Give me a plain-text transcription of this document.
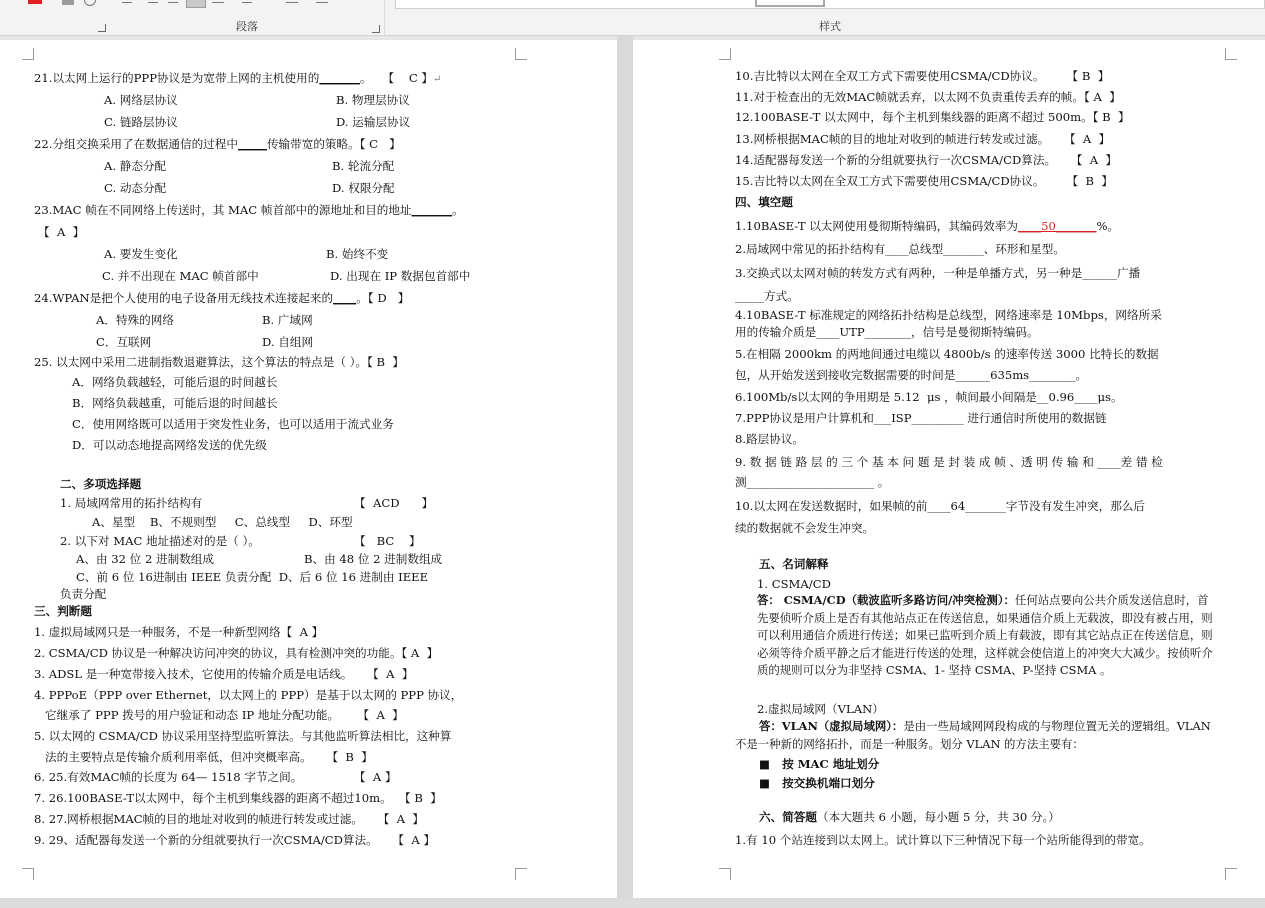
段落	样式
21.以太网上运行的PPP协议是为宽带上网的主机使用的_______。   【    C 】↵
A. 网络层协议	B. 物理层协议
C. 链路层协议	D. 运输层协议
22.分组交换采用了在数据通信的过程中_____传输带宽的策略。【 C   】
A. 静态分配	B. 轮流分配
C. 动态分配	D. 权限分配
23.MAC 帧在不同网络上传送时，其 MAC 帧首部中的源地址和目的地址_______。
【  A  】
A. 要发生变化	B. 始终不变
C. 并不出现在 MAC 帧首部中	D. 出现在 IP 数据包首部中
24.WPAN是把个人使用的电子设备用无线技术连接起来的____。【 D   】
A．特殊的网络	B. 广域网
C．互联网	D. 自组网
25. 以太网中采用二进制指数退避算法，这个算法的特点是（ ）。【 B  】
A．网络负载越轻，可能后退的时间越长
B．网络负载越重，可能后退的时间越长
C．使用网络既可以适用于突发性业务，也可以适用于流式业务
D．可以动态地提高网络发送的优先级
二、多项选择题
1. 局域网常用的拓扑结构有	【  ACD      】
A、星型    B、不规则型     C、总线型     D、环型
2. 以下对 MAC 地址描述对的是（ ）。	【   BC    】
A、由 32 位 2 进制数组成	B、由 48 位 2 进制数组成
C、前 6 位 16进制由 IEEE 负责分配  D、后 6 位 16 进制由 IEEE
负责分配
三、判断题
1. 虚拟局域网只是一种服务，不是一种新型网络【  A 】
2. CSMA/CD 协议是一种解决访问冲突的协议，具有检测冲突的功能。【 A  】
3. ADSL 是一种宽带接入技术，它使用的传输介质是电话线。    【  A  】
4. PPPoE（PPP over Ethernet，以太网上的 PPP）是基于以太网的 PPP 协议，
它继承了 PPP 拨号的用户验证和动态 IP 地址分配功能。     【  A  】
5. 以太网的 CSMA/CD 协议采用坚持型监听算法。与其他监听算法相比，这种算
法的主要特点是传输介质利用率低，但冲突概率高。    【  B  】
6. 25.有效MAC帧的长度为 64— 1518 字节之间。              【  A 】
7. 26.100BASE-T以太网中，每个主机到集线器的距离不超过10m。  【 B  】
8. 27.网桥根据MAC帧的目的地址对收到的帧进行转发或过滤。    【  A  】
9. 29、适配器每发送一个新的分组就要执行一次CSMA/CD算法。    【  A 】
10.吉比特以太网在全双工方式下需要使用CSMA/CD协议。      【 B  】
11.对于检查出的无效MAC帧就丢弃，以太网不负责重传丢弃的帧。【 A  】
12.100BASE-T 以太网中，每个主机到集线器的距离不超过 500m。【 B  】
13.网桥根据MAC帧的目的地址对收到的帧进行转发或过滤。    【  A  】
14.适配器每发送一个新的分组就要执行一次CSMA/CD算法。    【  A  】
15.吉比特以太网在全双工方式下需要使用CSMA/CD协议。      【  B  】
四、填空题
1.10BASE-T 以太网使用曼彻斯特编码，其编码效率为____50_______%。
2.局域网中常见的拓扑结构有____总线型_______、环形和星型。
3.交换式以太网对帧的转发方式有两种，一种是单播方式，另一种是______广播
_____方式。
4.10BASE-T 标准规定的网络拓扑结构是总线型，网络速率是 10Mbps，网络所采
用的传输介质是____UTP________，信号是曼彻斯特编码。
5.在相隔 2000km 的两地间通过电缆以 4800b/s 的速率传送 3000 比特长的数据
包，从开始发送到接收完数据需要的时间是______635ms________。
6.100Mb/s以太网的争用期是 5.12  μs ，帧间最小间隔是__0.96____μs。
7.PPP协议是用户计算机和___ISP_________ 进行通信时所使用的数据链
8.路层协议。
9. 数 据 链 路 层 的 三 个 基 本 问 题 是 封 装 成 帧 、透 明 传 输 和 ____差 错 检
测______________________ 。
10.以太网在发送数据时，如果帧的前____64_______字节没有发生冲突，那么后
续的数据就不会发生冲突。
五、名词解释
1. CSMA/CD
答： CSMA/CD（载波监听多路访问/冲突检测）：任何站点要向公共介质发送信息时，首先要侦听介质上是否有其他站点正在传送信息，如果通信介质上无载波，即没有被占用，则可以利用通信介质进行传送；如果已监听到介质上有载波，即有其它站点正在传送信息，则必须等待介质平静之后才能进行传送的处理，这样就会使信道上的冲突大大减少。按侦听介质的规则可以分为非坚持 CSMA、1- 坚持 CSMA、P-坚持 CSMA 。
2.虚拟局域网（VLAN）
答：VLAN（虚拟局域网）：是由一些局域网网段构成的与物理位置无关的逻辑组。VLAN 不是一种新的网络拓扑，而是一种服务。划分 VLAN 的方法主要有：
■   按 MAC 地址划分
■   按交换机端口划分
六、简答题（本大题共 6 小题，每小题 5 分，共 30 分。）
1.有 10 个站连接到以太网上。试计算以下三种情况下每一个站所能得到的带宽。
